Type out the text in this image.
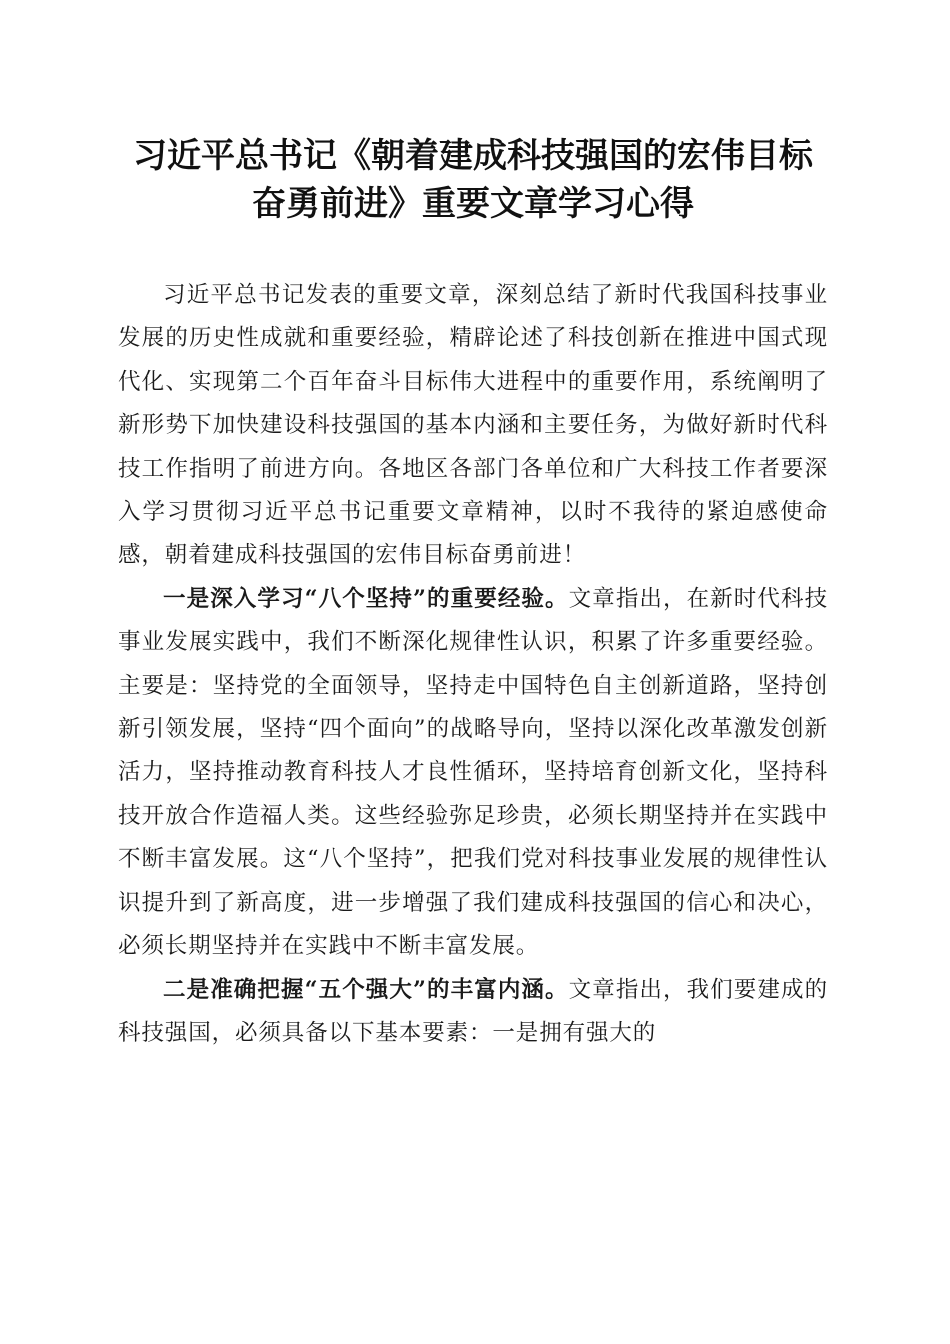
习近平总书记《朝着建成科技强国的宏伟目标
奋勇前进》重要文章学习心得

习近平总书记发表的重要文章，深刻总结了新时代我国科技事业发展的历史性成就和重要经验，精辟论述了科技创新在推进中国式现代化、实现第二个百年奋斗目标伟大进程中的重要作用，系统阐明了新形势下加快建设科技强国的基本内涵和主要任务，为做好新时代科技工作指明了前进方向。各地区各部门各单位和广大科技工作者要深入学习贯彻习近平总书记重要文章精神，以时不我待的紧迫感使命感，朝着建成科技强国的宏伟目标奋勇前进！

一是深入学习“八个坚持”的重要经验。文章指出，在新时代科技事业发展实践中，我们不断深化规律性认识，积累了许多重要经验。主要是：坚持党的全面领导，坚持走中国特色自主创新道路，坚持创新引领发展，坚持“四个面向”的战略导向，坚持以深化改革激发创新活力，坚持推动教育科技人才良性循环，坚持培育创新文化，坚持科技开放合作造福人类。这些经验弥足珍贵，必须长期坚持并在实践中不断丰富发展。这“八个坚持”，把我们党对科技事业发展的规律性认识提升到了新高度，进一步增强了我们建成科技强国的信心和决心，必须长期坚持并在实践中不断丰富发展。

二是准确把握“五个强大”的丰富内涵。文章指出，我们要建成的科技强国，必须具备以下基本要素：一是拥有强大的
